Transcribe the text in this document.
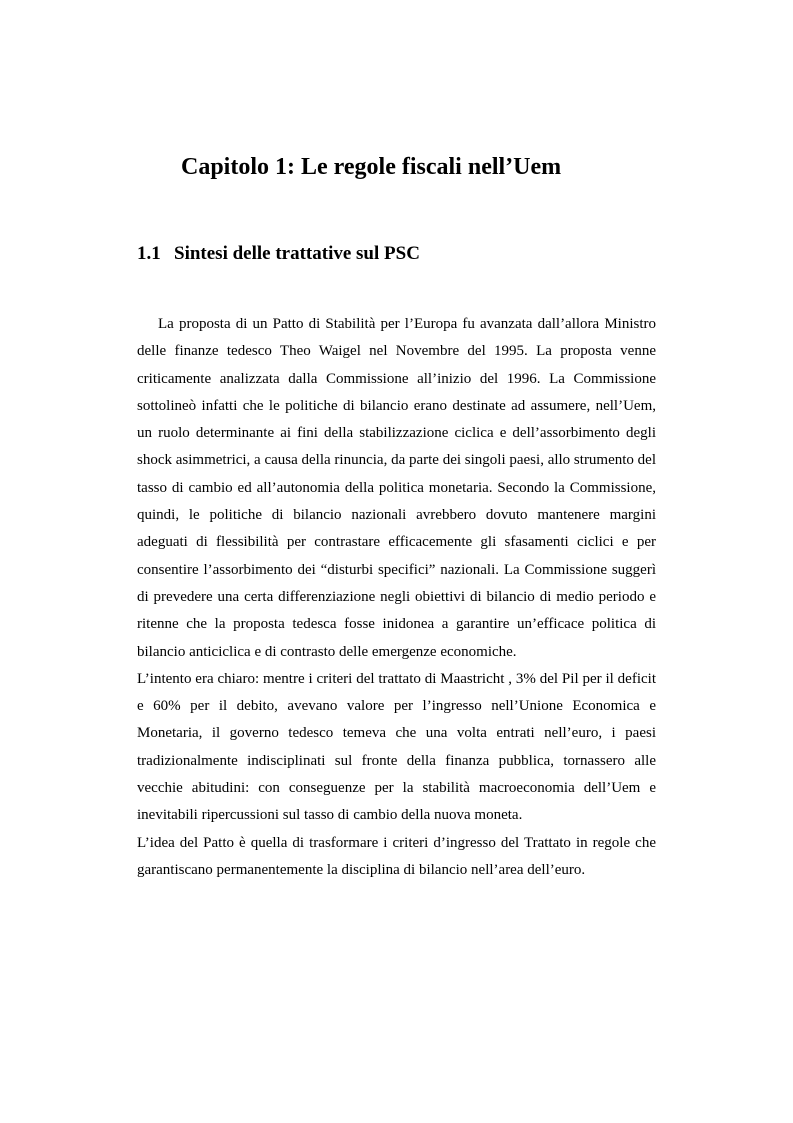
Capitolo 1: Le regole fiscali nell’Uem
1.1 Sintesi delle trattative sul PSC

La proposta di un Patto di Stabilità per l’Europa fu avanzata dall’allora Ministro delle finanze tedesco Theo Waigel nel Novembre del 1995. La proposta venne criticamente analizzata dalla Commissione all’inizio del 1996. La Commissione sottolineò infatti che le politiche di bilancio erano destinate ad assumere, nell’Uem, un ruolo determinante ai fini della stabilizzazione ciclica e dell’assorbimento degli shock asimmetrici, a causa della rinuncia, da parte dei singoli paesi, allo strumento del tasso di cambio ed all’autonomia della politica monetaria. Secondo la Commissione, quindi, le politiche di bilancio nazionali avrebbero dovuto mantenere margini adeguati di flessibilità per contrastare efficacemente gli sfasamenti ciclici e per consentire l’assorbimento dei “disturbi specifici” nazionali. La Commissione suggerì di prevedere una certa differenziazione negli obiettivi di bilancio di medio periodo e ritenne che la proposta tedesca fosse inidonea a garantire un’efficace politica di bilancio anticiclica e di contrasto delle emergenze economiche.

L’intento era chiaro: mentre i criteri del trattato di Maastricht , 3% del Pil per il deficit e 60% per il debito, avevano valore per l’ingresso nell’Unione Economica e Monetaria, il governo tedesco temeva che una volta entrati nell’euro, i paesi tradizionalmente indisciplinati sul fronte della finanza pubblica, tornassero alle vecchie abitudini: con conseguenze per la stabilità macroeconomia dell’Uem e inevitabili ripercussioni sul tasso di cambio della nuova moneta.

L’idea del Patto è quella di trasformare i criteri d’ingresso del Trattato in regole che garantiscano permanentemente la disciplina di bilancio nell’area dell’euro.
